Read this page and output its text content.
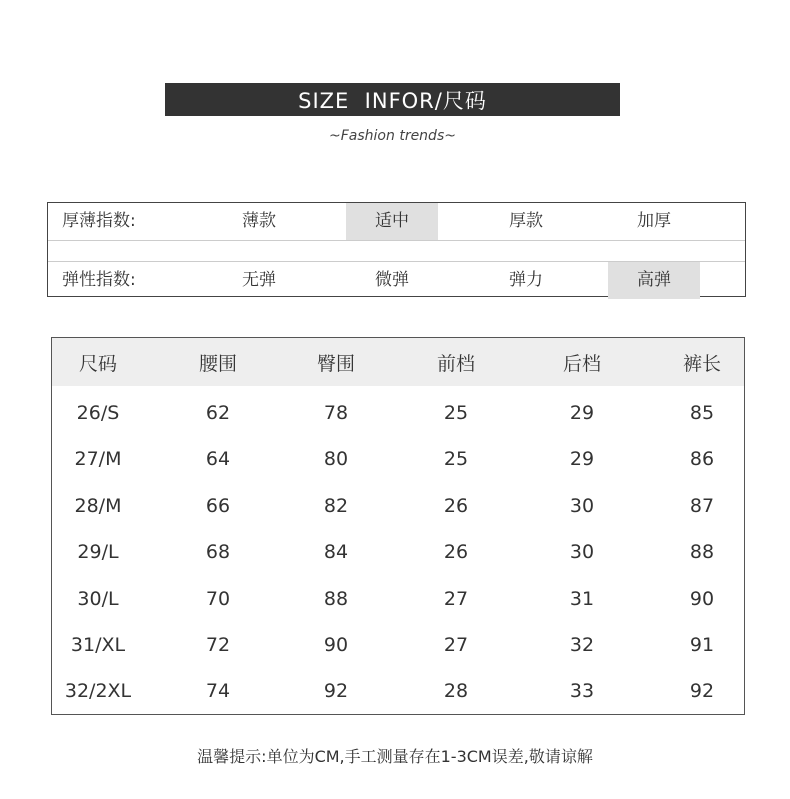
SIZE  INFOR/尺码
~Fashion trends~
厚薄指数:	薄款	适中	厚款	加厚
弹性指数:	无弹	微弹	弹力	高弹
尺码	腰围	臀围	前档	后档	裤长
26/S	62	78	25	29	85
27/M	64	80	25	29	86
28/M	66	82	26	30	87
29/L	68	84	26	30	88
30/L	70	88	27	31	90
31/XL	72	90	27	32	91
32/2XL	74	92	28	33	92
温馨提示:单位为CM,手工测量存在1-3CM误差,敬请谅解
